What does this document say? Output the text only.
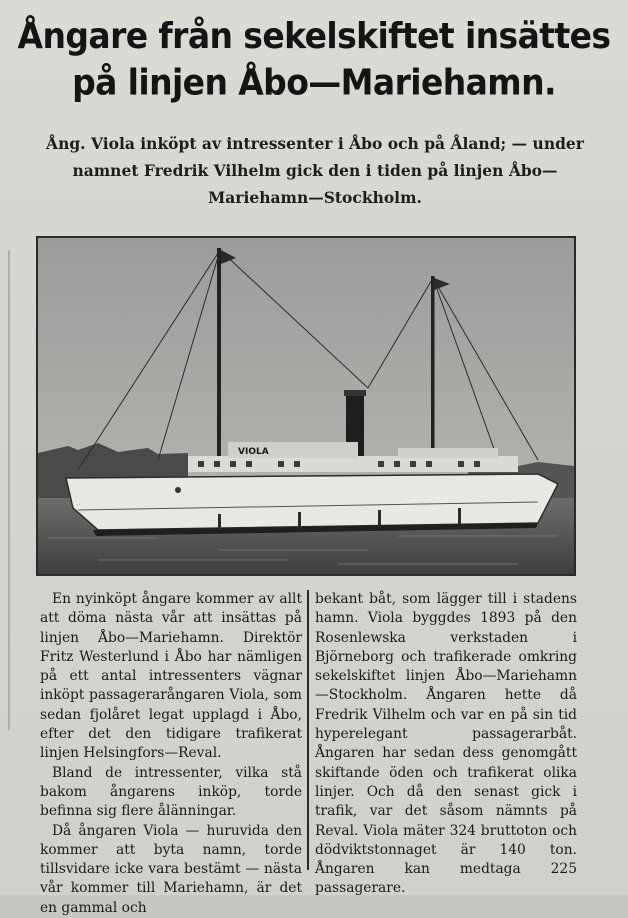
Ångare från sekelskiftet insättes på linjen Åbo—Mariehamn.
Ång. Viola inköpt av intressenter i Åbo och på Åland; — under namnet Fredrik Vilhelm gick den i tiden på linjen Åbo—Mariehamn—Stockholm.
VIOLA

En nyinköpt ångare kommer av allt att döma nästa vår att insättas på linjen Åbo—Mariehamn. Direktör Fritz Westerlund i Åbo har nämligen på ett antal intressenters vägnar inköpt passagerarångaren Viola, som sedan fjolåret legat upplagd i Åbo, efter det den tidigare trafikerat linjen Helsingfors—Reval.

Bland de intressenter, vilka stå bakom ångarens inköp, torde befinna sig flere ålänningar.

Då ångaren Viola — huruvida den kommer att byta namn, torde tillsvidare icke vara bestämt — nästa vår kommer till Mariehamn, är det en gammal och

bekant båt, som lägger till i stadens hamn. Viola byggdes 1893 på den Rosenlewska verkstaden i Björneborg och trafikerade omkring sekelskiftet linjen Åbo—Mariehamn—Stockholm. Ångaren hette då Fredrik Vilhelm och var en på sin tid hyperelegant passagerarbåt. Ångaren har sedan dess genomgått skiftande öden och trafikerat olika linjer. Och då den senast gick i trafik, var det såsom nämnts på Reval. Viola mäter 324 bruttoton och dödviktstonnaget är 140 ton. Ångaren kan medtaga 225 passagerare.
